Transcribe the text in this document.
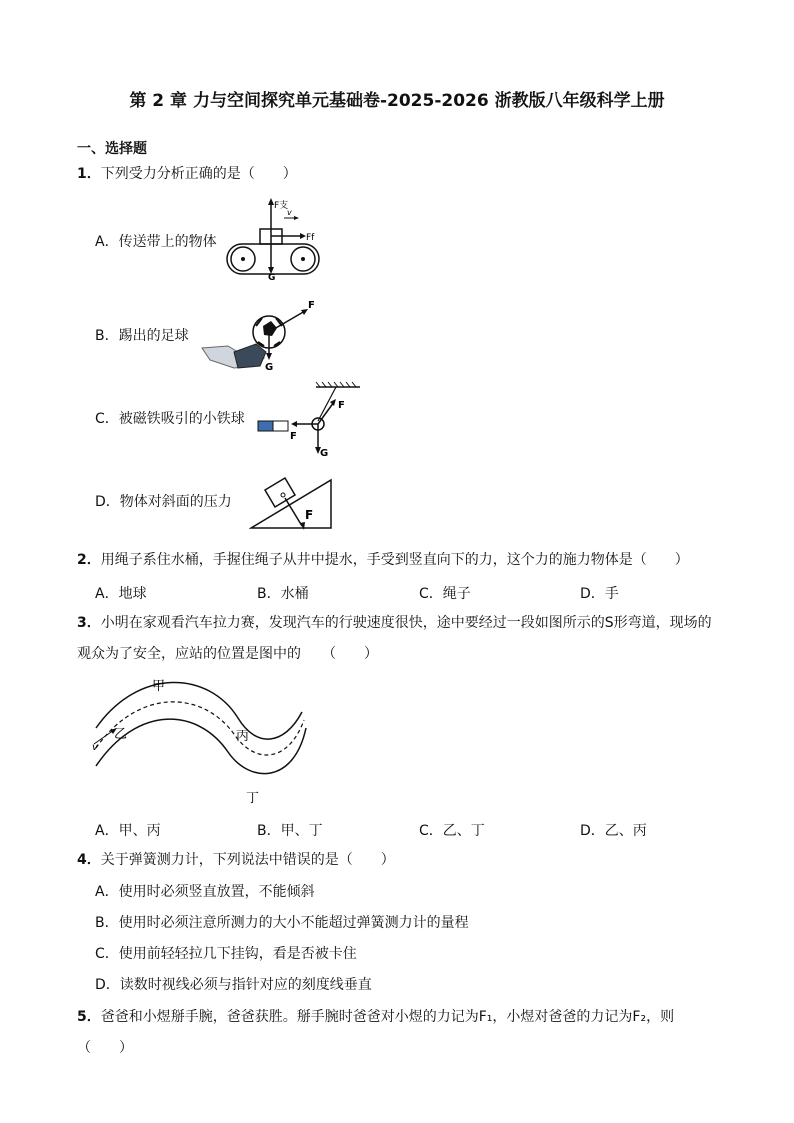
第 2 章 力与空间探究单元基础卷-2025-2026 浙教版八年级科学上册
一、选择题
1．下列受力分析正确的是（　　）
A．传送带上的物体
B．踢出的足球
C．被磁铁吸引的小铁球
D．物体对斜面的压力
F支
v
Ff
G
F
G
F
F
G
F
2．用绳子系住水桶，手握住绳子从井中提水，手受到竖直向下的力，这个力的施力物体是（　　）
A．地球	B．水桶	C．绳子	D．手
3．小明在家观看汽车拉力赛，发现汽车的行驶速度很快，途中要经过一段如图所示的S形弯道，现场的
观众为了安全，应站的位置是图中的　　（　　）
v
甲
乙	丙
丁
A．甲、丙	B．甲、丁	C．乙、丁	D．乙、丙
4．关于弹簧测力计，下列说法中错误的是（　　）
A．使用时必须竖直放置，不能倾斜
B．使用时必须注意所测力的大小不能超过弹簧测力计的量程
C．使用前轻轻拉几下挂钩，看是否被卡住
D．读数时视线必须与指针对应的刻度线垂直
5．爸爸和小煜掰手腕，爸爸获胜。掰手腕时爸爸对小煜的力记为F₁，小煜对爸爸的力记为F₂，则
（　　）
